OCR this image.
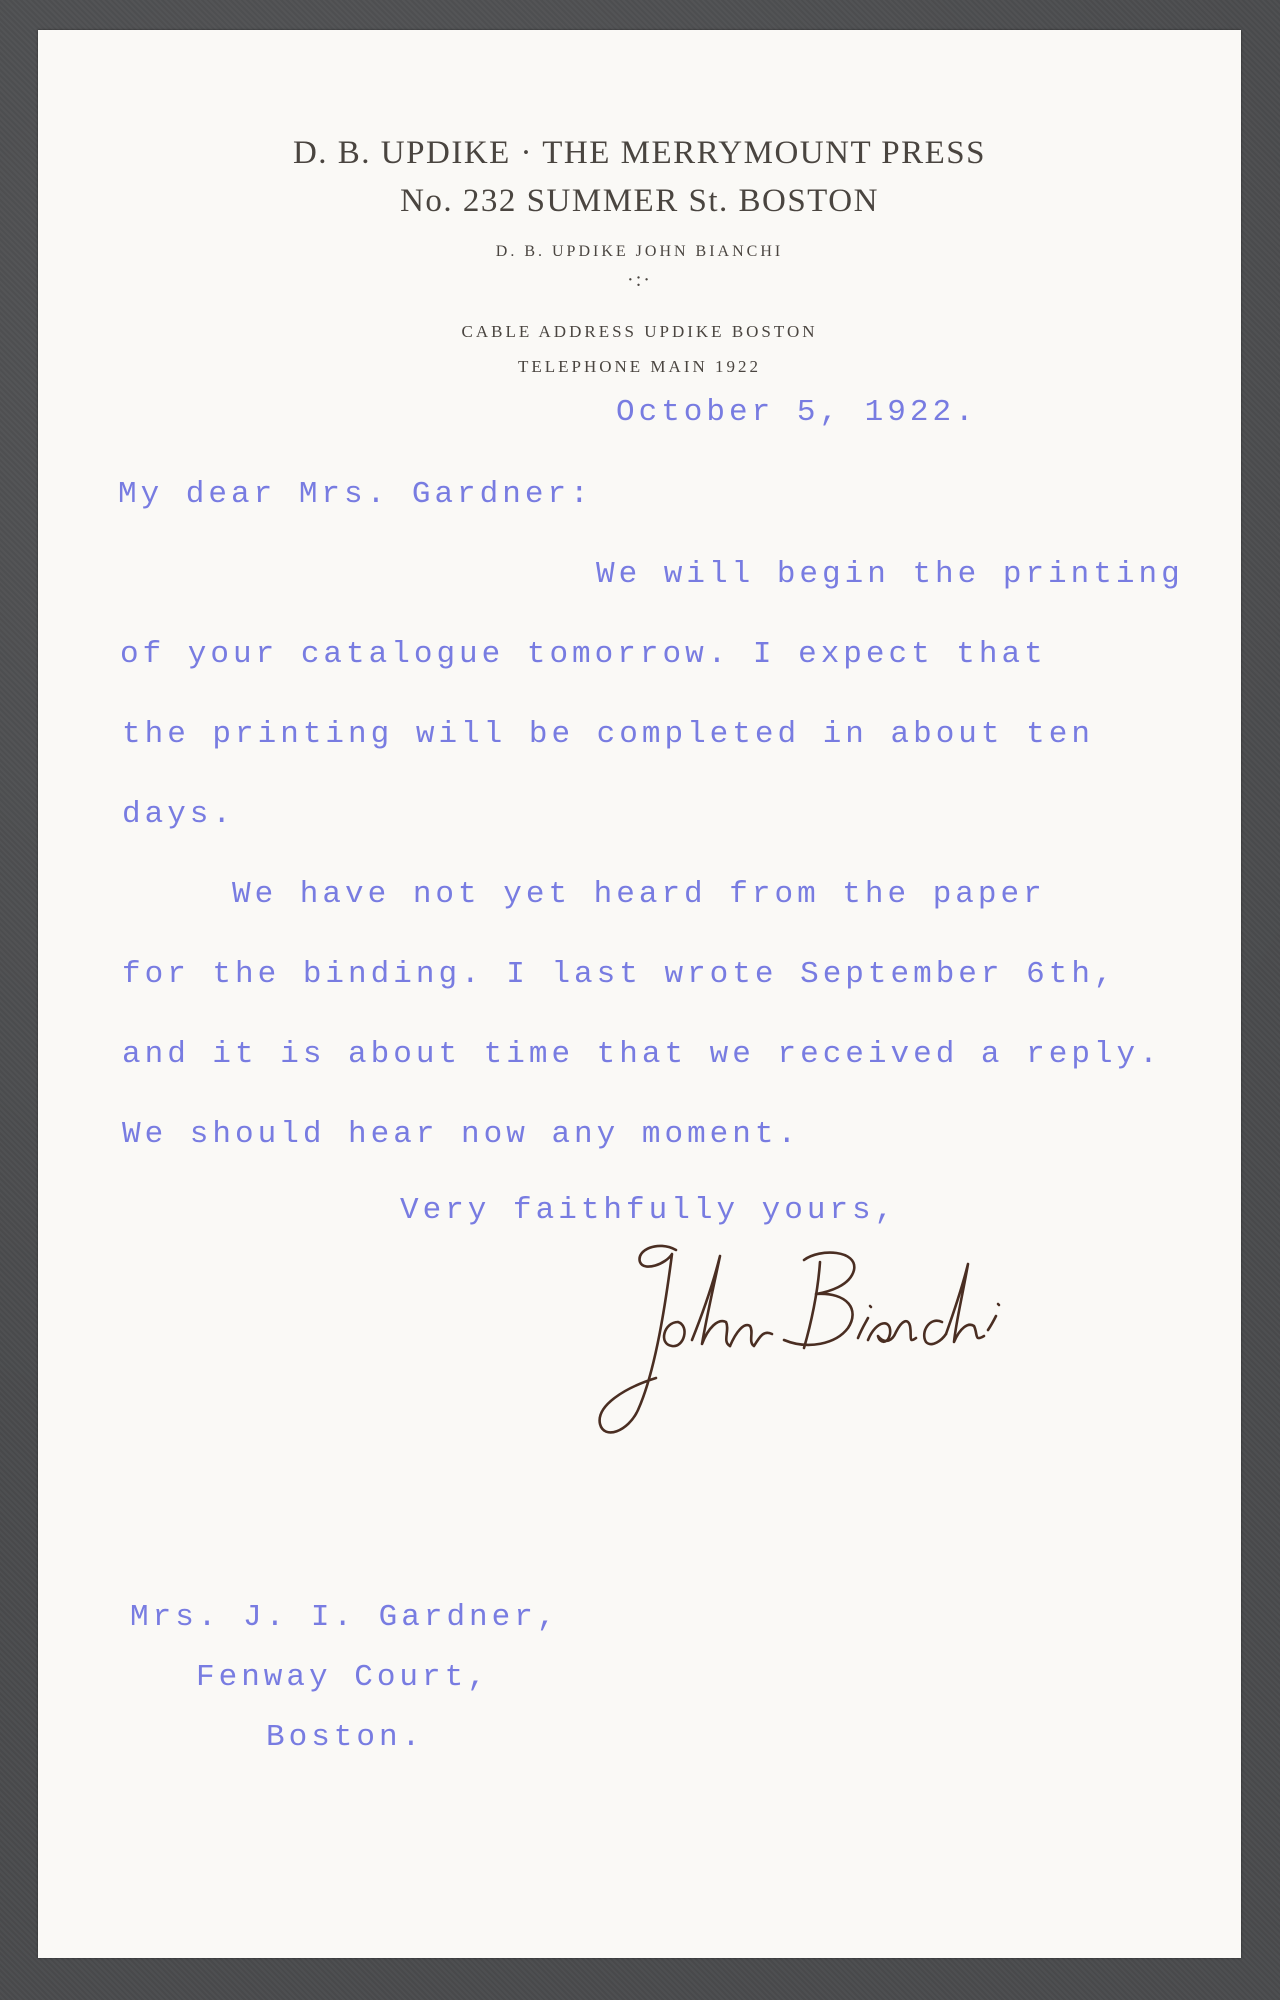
D. B. UPDIKE · THE MERRYMOUNT PRESS
No. 232 SUMMER St. BOSTON
D. B. UPDIKE JOHN BIANCHI
·:·
CABLE ADDRESS UPDIKE BOSTON
TELEPHONE MAIN 1922
October 5, 1922.
My dear Mrs. Gardner:
We will begin the printing
of your catalogue tomorrow. I expect that
the printing will be completed in about ten
days.
We have not yet heard from the paper
for the binding. I last wrote September 6th,
and it is about time that we received a reply.
We should hear now any moment.
Very faithfully yours,
Mrs. J. I. Gardner,
Fenway Court,
Boston.
